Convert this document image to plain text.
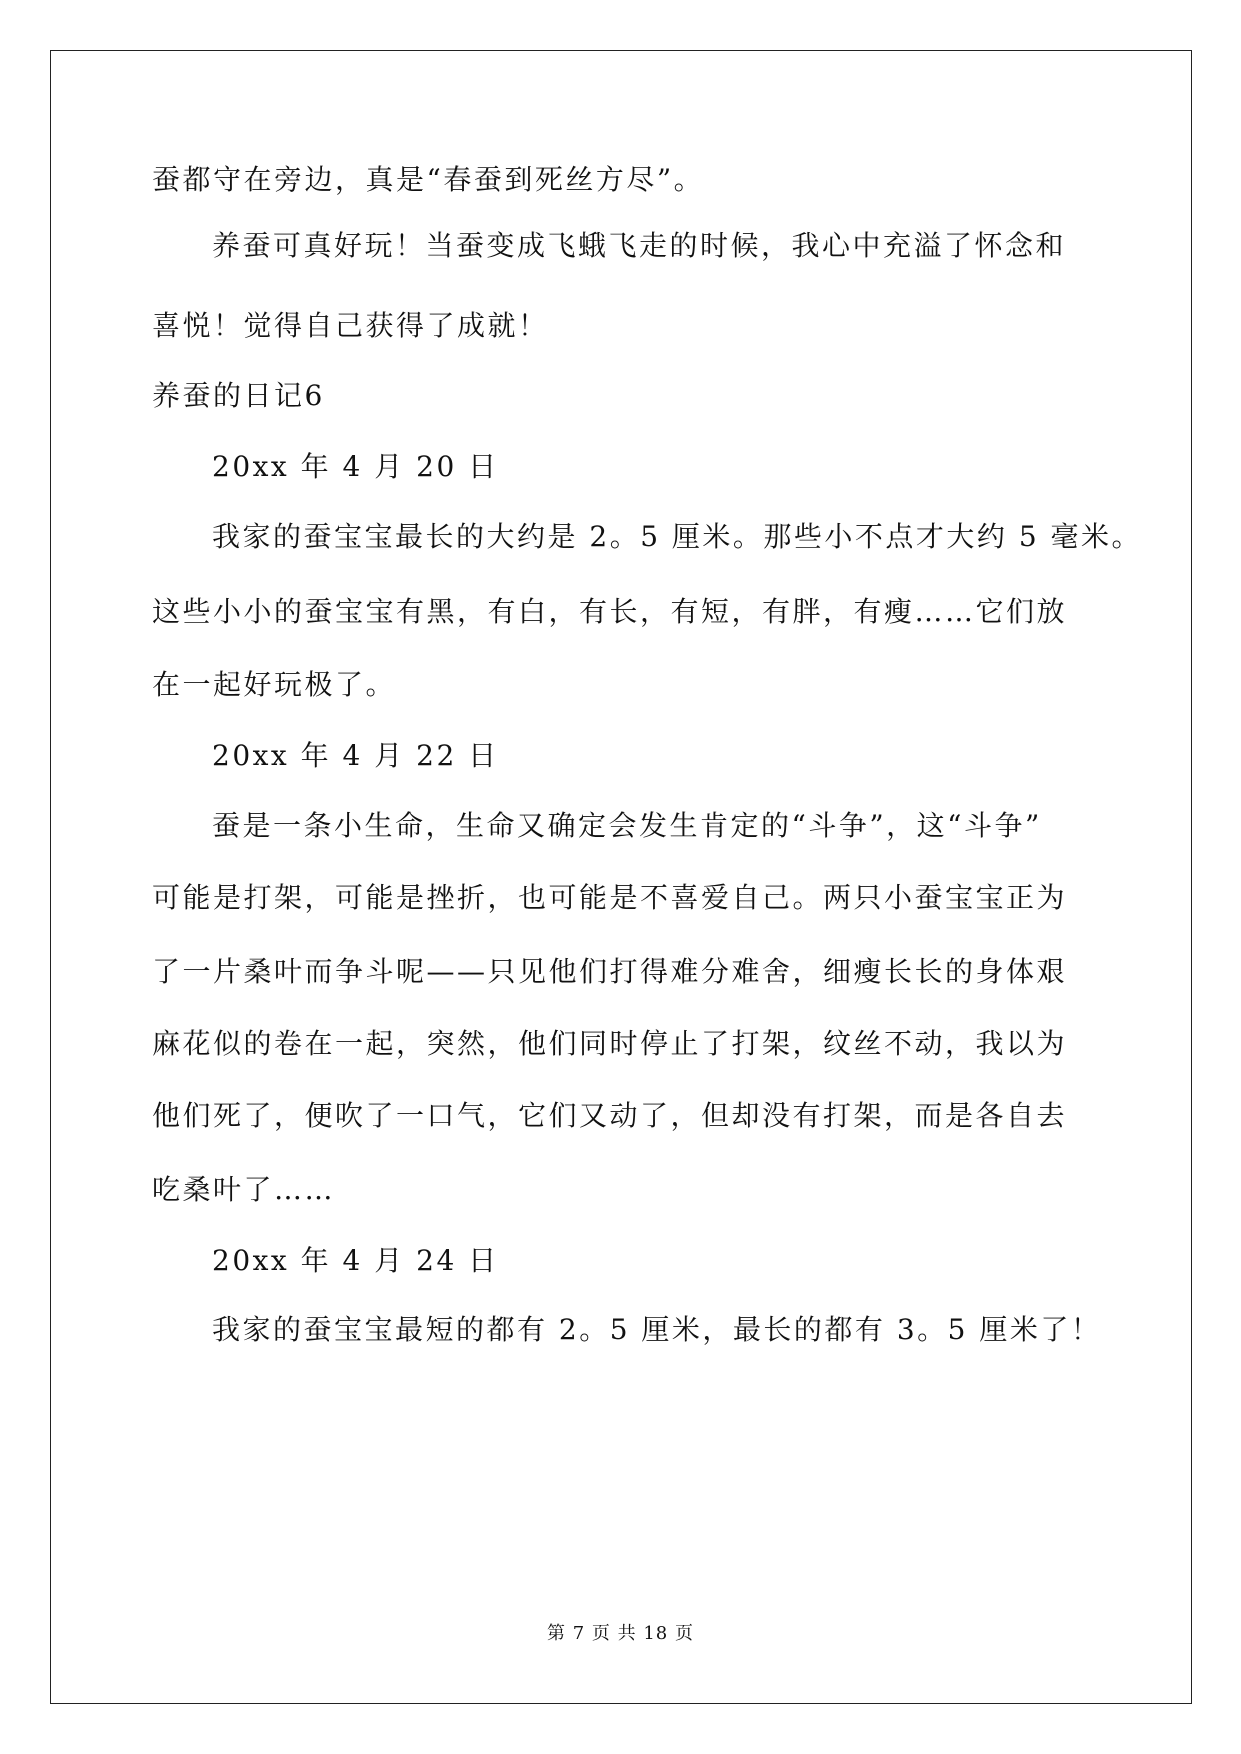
蚕都守在旁边，真是“春蚕到死丝方尽”。
养蚕可真好玩！当蚕变成飞蛾飞走的时候，我心中充溢了怀念和
喜悦！觉得自己获得了成就！
养蚕的日记6
20xx 年 4 月 20 日
我家的蚕宝宝最长的大约是 2。5 厘米。那些小不点才大约 5 毫米。
这些小小的蚕宝宝有黑，有白，有长，有短，有胖，有瘦……它们放
在一起好玩极了。
20xx 年 4 月 22 日
蚕是一条小生命，生命又确定会发生肯定的“斗争”，这“斗争”
可能是打架，可能是挫折，也可能是不喜爱自己。两只小蚕宝宝正为
了一片桑叶而争斗呢——只见他们打得难分难舍，细瘦长长的身体艰
麻花似的卷在一起，突然，他们同时停止了打架，纹丝不动，我以为
他们死了，便吹了一口气，它们又动了，但却没有打架，而是各自去
吃桑叶了……
20xx 年 4 月 24 日
我家的蚕宝宝最短的都有 2。5 厘米，最长的都有 3。5 厘米了！
第 7 页 共 18 页
